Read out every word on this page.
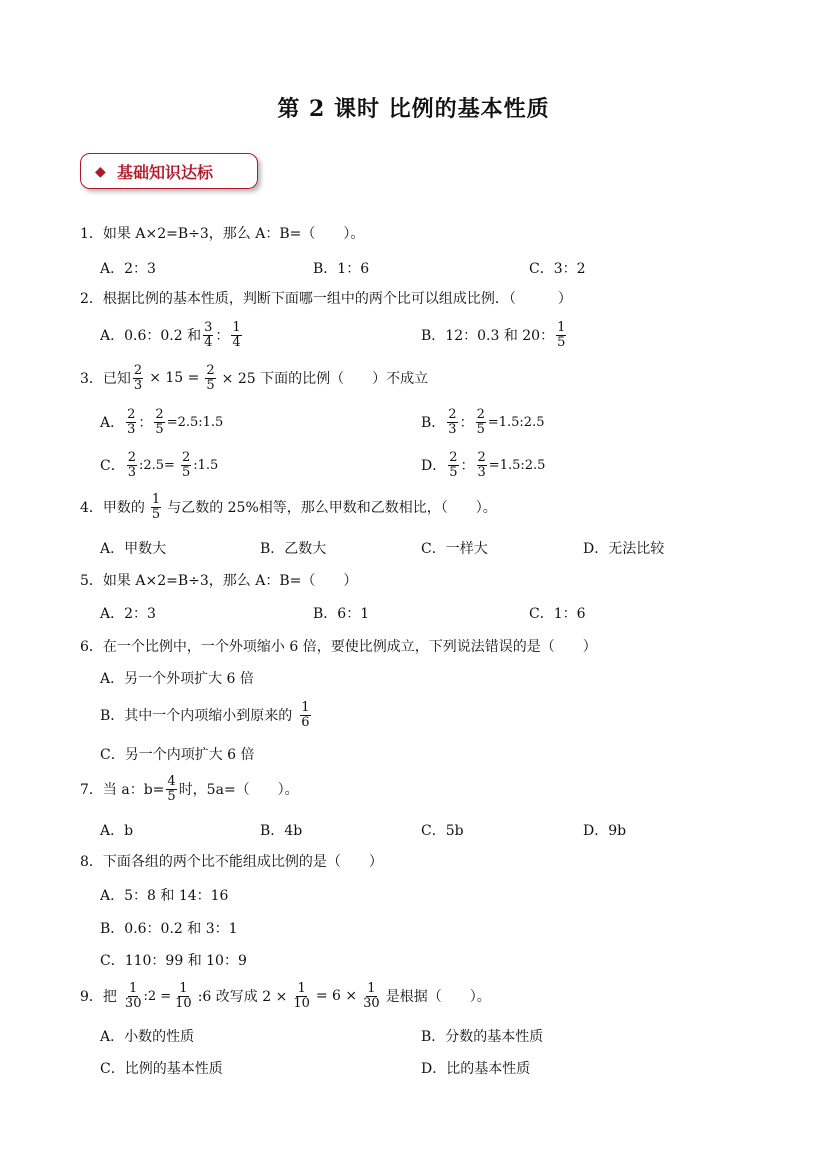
第 2 课时 比例的基本性质
◆ 基础知识达标
1．如果 A×2=B÷3，那么 A：B=（　　）。
A．2：3	B．1：6	C．3：2
2．根据比例的基本性质，判断下面哪一组中的两个比可以组成比例．（　　　）
A．0.6：0.2 和 $\frac{3}{4}$ ： $\frac{1}{4}$	B．12：0.3 和 20： $\frac{1}{5}$
3．已知 $\frac{2}{3} \times 15 = \frac{2}{5} \times 25$ 下面的比例（　　）不成立
A． $\frac{2}{3}$ ： $\frac{2}{5}$ =2.5:1.5	B． $\frac{2}{3}$ ： $\frac{2}{5}$ =1.5:2.5
C． $\frac{2}{3}$ :2.5= $\frac{2}{5}$ :1.5	D． $\frac{2}{5}$ ： $\frac{2}{3}$ =1.5:2.5
4．甲数的 $\frac{1}{5}$ 与乙数的 25%相等，那么甲数和乙数相比，（　　）。
A．甲数大	B．乙数大	C．一样大	D．无法比较
5．如果 A×2=B÷3，那么 A：B=（　　）
A．2：3	B．6：1	C．1：6
6．在一个比例中，一个外项缩小 6 倍，要使比例成立，下列说法错误的是（　　）
A．另一个外项扩大 6 倍
B．其中一个内项缩小到原来的 $\frac{1}{6}$
C．另一个内项扩大 6 倍
7．当 a：$b= \frac{4}{5}$ 时，5a=（　　）。
A．b	B．4b	C．5b	D．9b
8．下面各组的两个比不能组成比例的是（　　）
A．5：8 和 14：16
B．0.6：0.2 和 3：1
C．110：99 和 10：9
9．把 $\frac{1}{30}$ :2 = $\frac{1}{10}$ :6 改写成 $2 \times \frac{1}{10} = 6 \times \frac{1}{30}$ 是根据（　　）。
A．小数的性质	B．分数的基本性质
C．比例的基本性质	D．比的基本性质
